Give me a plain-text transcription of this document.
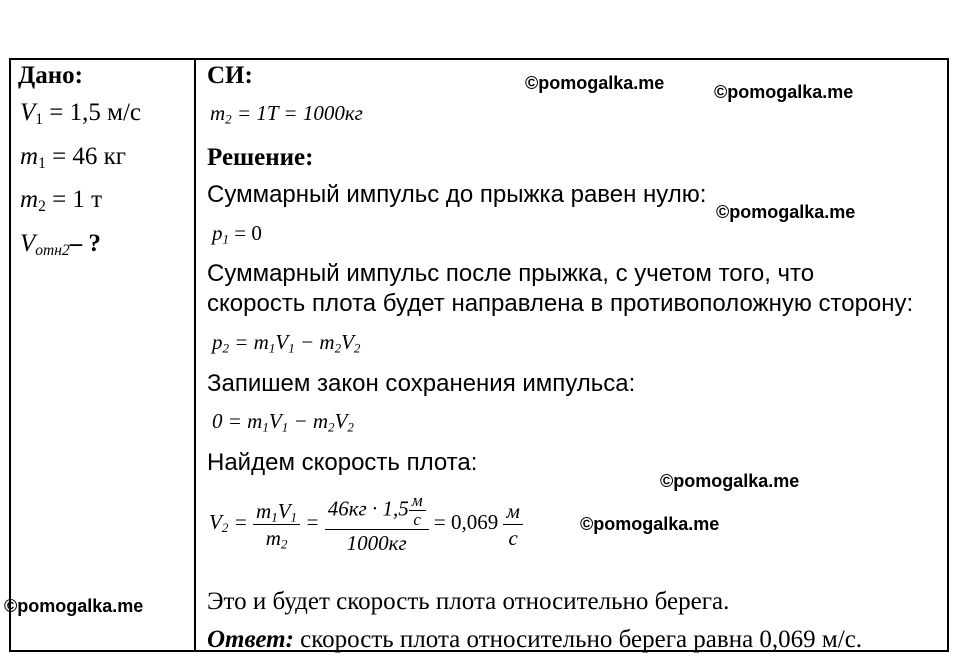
Дано:
$V_1 = 1,5$ м/с
$m_1 = 46$ кг
$m_2 = 1$ т
$V_{отн2}-$ ?
СИ:
$m_2 = 1T = 1000кг$
Решение:
Суммарный импульс до прыжка равен нулю:
$p_1 = 0$
Суммарный импульс после прыжка, с учетом того, что
скорость плота будет направлена в противоположную сторону:
$p_2 = m_1V_1 - m_2V_2$
Запишем закон сохранения импульса:
$0 = m_1V_1 - m_2V_2$
Найдем скорость плота:
$V_2 = \frac{m_1V_1}{m_2} = \frac{46кг \cdot 1,5 \frac{м}{с}}{1000кг} = 0,069 \frac{м}{с}$
Это и будет скорость плота относительно берега.
Ответ: скорость плота относительно берега равна 0,069 м/с.
©pomogalka.me	©pomogalka.me
©pomogalka.me
©pomogalka.me
©pomogalka.me
©pomogalka.me
